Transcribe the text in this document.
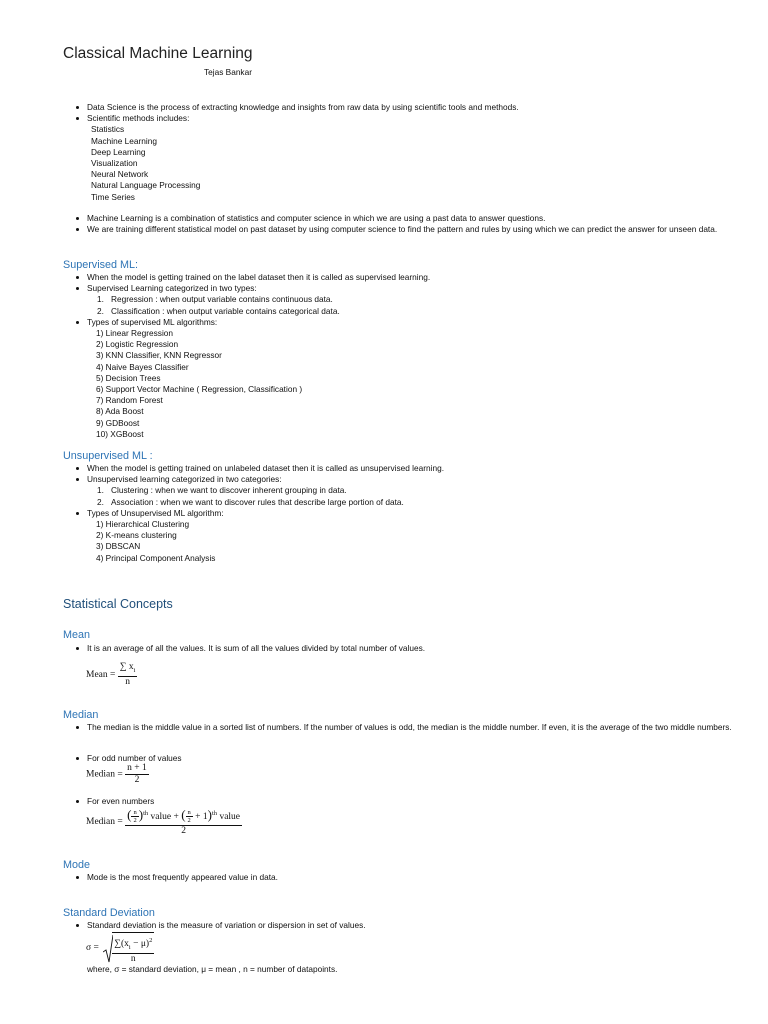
Classical Machine Learning
Tejas Bankar
Data Science is the process of extracting knowledge and insights from raw data by using scientific tools and methods.
Scientific methods includes:
Statistics
Machine Learning
Deep Learning
Visualization
Neural Network
Natural Language Processing
Time Series
Machine Learning is a combination of statistics and computer science in which we are using a past data to answer questions.
We are training different statistical model on past dataset by using computer science to find the pattern and rules by using which we can predict the answer for unseen data.
Supervised ML:
When the model is getting trained on the label dataset then it is called as supervised learning.
Supervised Learning categorized in two types:
1. Regression : when output variable contains continuous data.
2. Classification : when output variable contains categorical data.
Types of supervised ML algorithms:
1) Linear Regression
2) Logistic Regression
3) KNN Classifier, KNN Regressor
4) Naive Bayes Classifier
5) Decision Trees
6) Support Vector Machine ( Regression, Classification )
7) Random Forest
8) Ada Boost
9) GDBoost
10) XGBoost
Unsupervised ML :
When the model is getting trained on unlabeled dataset then it is called as unsupervised learning.
Unsupervised learning categorized in two categories:
1. Clustering : when we want to discover inherent grouping in data.
2. Association : when we want to discover rules that describe large portion of data.
Types of Unsupervised ML algorithm:
1) Hierarchical Clustering
2) K-means clustering
3) DBSCAN
4) Principal Component Analysis
Statistical Concepts
Mean
It is an average of all the values. It is sum of all the values divided by total number of values.
Mean = $\frac{\sum x_i}{n}$
Median
The median is the middle value in a sorted list of numbers. If the number of values is odd, the median is the middle number. If even, it is the average of the two middle numbers.
For odd number of values
Median = $\frac{n + 1}{2}$
For even numbers
Median = ( $\frac{n}{2} )^{th}$ value + ( $\frac{n}{2} + 1)^{th}$ value
2
Mode
Mode is the most frequently appeared value in data.
Standard Deviation
Standard deviation is the measure of variation or dispersion in set of values.
$\sigma = \frac{\sum(x_i - \mu)^2}{n}$
where, σ = standard deviation, μ = mean , n = number of datapoints.
